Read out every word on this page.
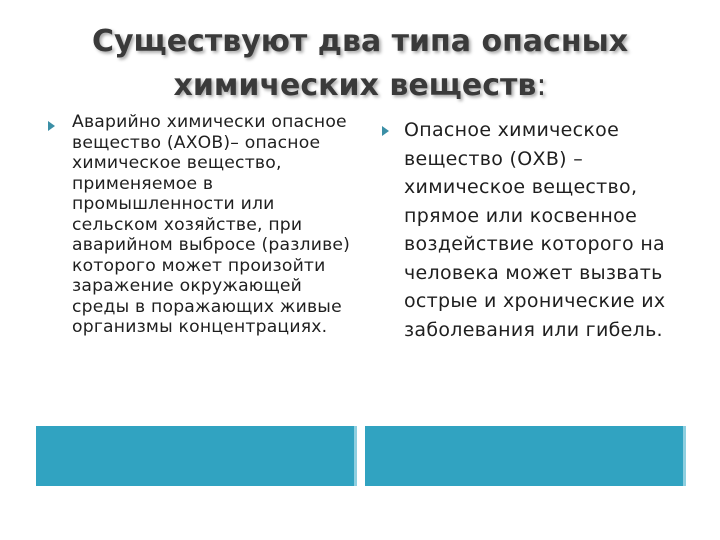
Существуют два типа опасных
химических веществ:
Аварийно химически опасное вещество (АХОВ)– опасное химическое вещество, применяемое в промышленности или сельском хозяйстве, при аварийном выбросе (разливе) которого может произойти заражение окружающей среды в поражающих живые организмы концентрациях.
Опасное химическое вещество (ОХВ) – химическое вещество, прямое или косвенное воздействие которого на человека может вызвать острые и хронические их заболевания или гибель.
